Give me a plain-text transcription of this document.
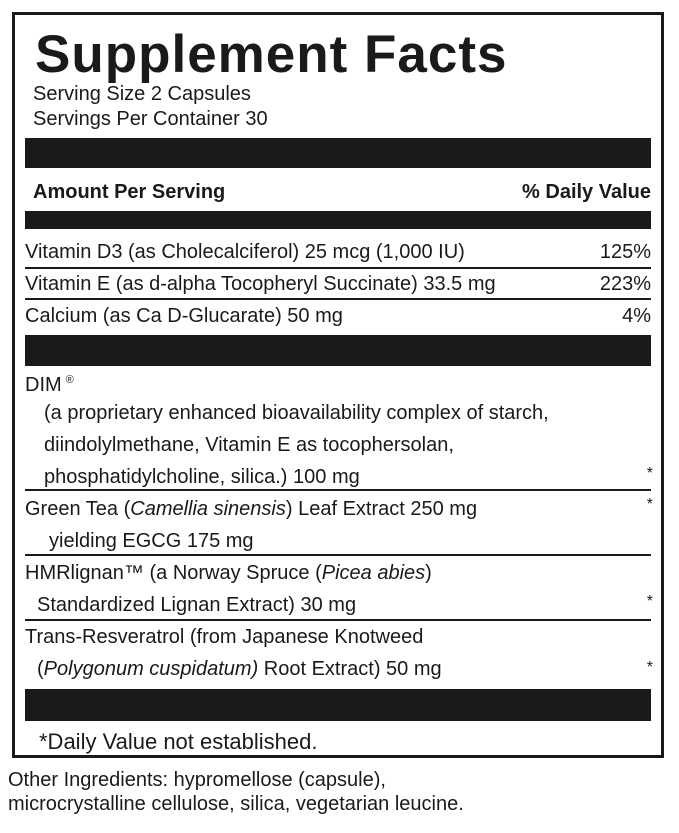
Supplement Facts
Serving Size 2 Capsules
Servings Per Container 30
Amount Per Serving	% Daily Value
Vitamin D3 (as Cholecalciferol) 25 mcg (1,000 IU)	125%
Vitamin E (as d-alpha Tocopheryl Succinate) 33.5 mg	223%
Calcium (as Ca D-Glucarate) 50 mg	4%
DIM ®
(a proprietary enhanced bioavailability complex of starch,
diindolylmethane, Vitamin E as tocophersolan,
phosphatidylcholine, silica.) 100 mg	*
Green Tea (Camellia sinensis) Leaf Extract 250 mg	*
yielding EGCG 175 mg
HMRlignan™ (a Norway Spruce (Picea abies)
Standardized Lignan Extract) 30 mg	*
Trans-Resveratrol (from Japanese Knotweed
(Polygonum cuspidatum) Root Extract) 50 mg	*
*Daily Value not established.
Other Ingredients: hypromellose (capsule),
microcrystalline cellulose, silica, vegetarian leucine.
